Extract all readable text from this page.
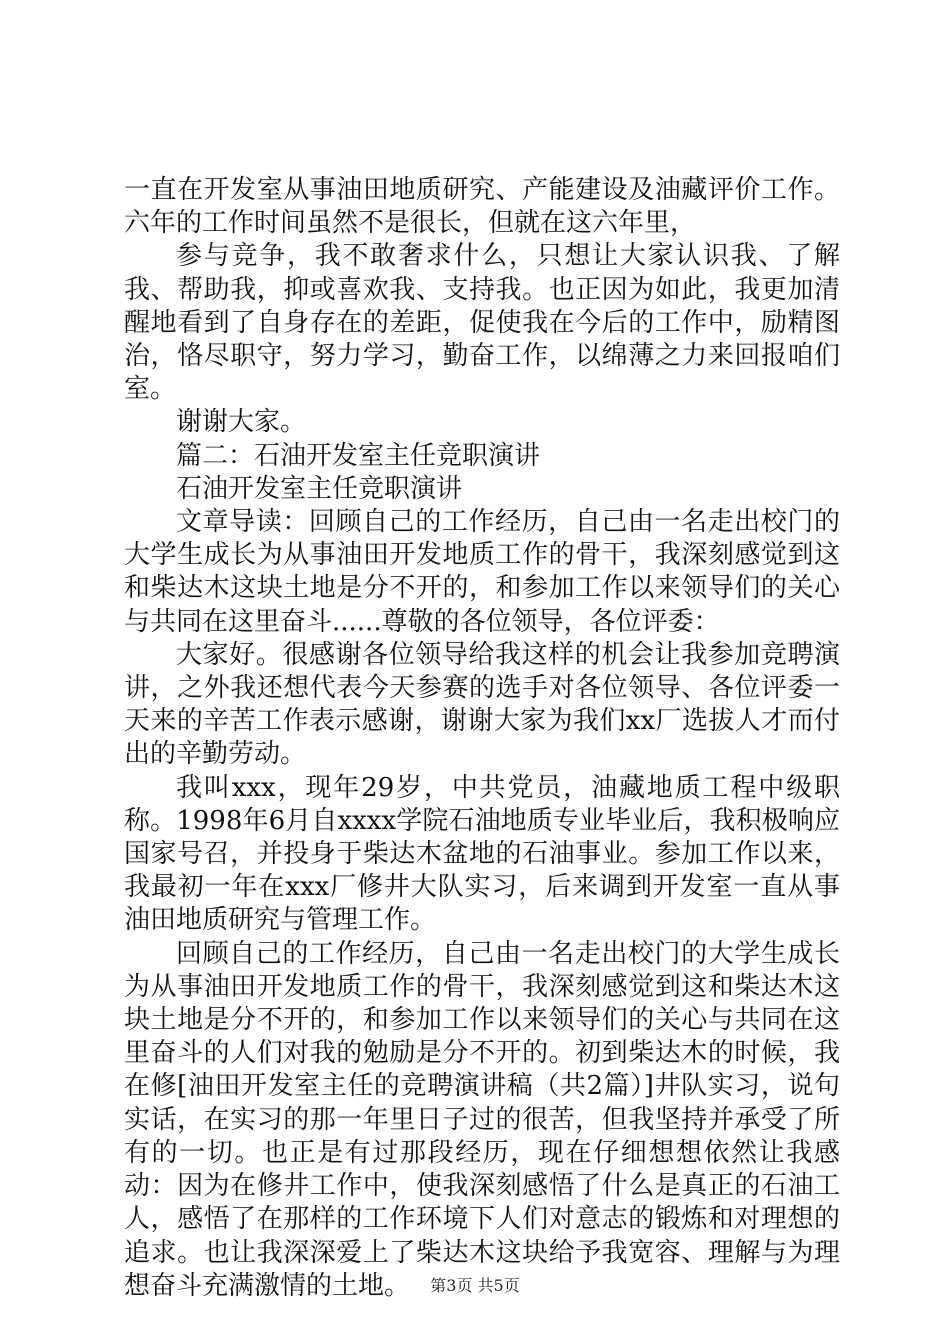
一直在开发室从事油田地质研究、产能建设及油藏评价工作。六年的工作时间虽然不是很长，但就在这六年里，

参与竞争，我不敢奢求什么，只想让大家认识我、了解我、帮助我，抑或喜欢我、支持我。也正因为如此，我更加清醒地看到了自身存在的差距，促使我在今后的工作中，励精图治，恪尽职守，努力学习，勤奋工作，以绵薄之力来回报咱们室。

谢谢大家。

篇二：石油开发室主任竞职演讲

石油开发室主任竞职演讲

文章导读：回顾自己的工作经历，自己由一名走出校门的大学生成长为从事油田开发地质工作的骨干，我深刻感觉到这和柴达木这块土地是分不开的，和参加工作以来领导们的关心与共同在这里奋斗......尊敬的各位领导，各位评委：

大家好。很感谢各位领导给我这样的机会让我参加竞聘演讲，之外我还想代表今天参赛的选手对各位领导、各位评委一天来的辛苦工作表示感谢，谢谢大家为我们xx厂选拔人才而付出的辛勤劳动。

我叫xxx，现年29岁，中共党员，油藏地质工程中级职称。1998年6月自xxxx学院石油地质专业毕业后，我积极响应国家号召，并投身于柴达木盆地的石油事业。参加工作以来，我最初一年在xxx厂修井大队实习，后来调到开发室一直从事油田地质研究与管理工作。

回顾自己的工作经历，自己由一名走出校门的大学生成长为从事油田开发地质工作的骨干，我深刻感觉到这和柴达木这块土地是分不开的，和参加工作以来领导们的关心与共同在这里奋斗的人们对我的勉励是分不开的。初到柴达木的时候，我在修[油田开发室主任的竞聘演讲稿（共2篇）]井队实习，说句实话，在实习的那一年里日子过的很苦，但我坚持并承受了所有的一切。也正是有过那段经历，现在仔细想想依然让我感动：因为在修井工作中，使我深刻感悟了什么是真正的石油工人，感悟了在那样的工作环境下人们对意志的锻炼和对理想的追求。也让我深深爱上了柴达木这块给予我宽容、理解与为理想奋斗充满激情的土地。	第3页 共5页
